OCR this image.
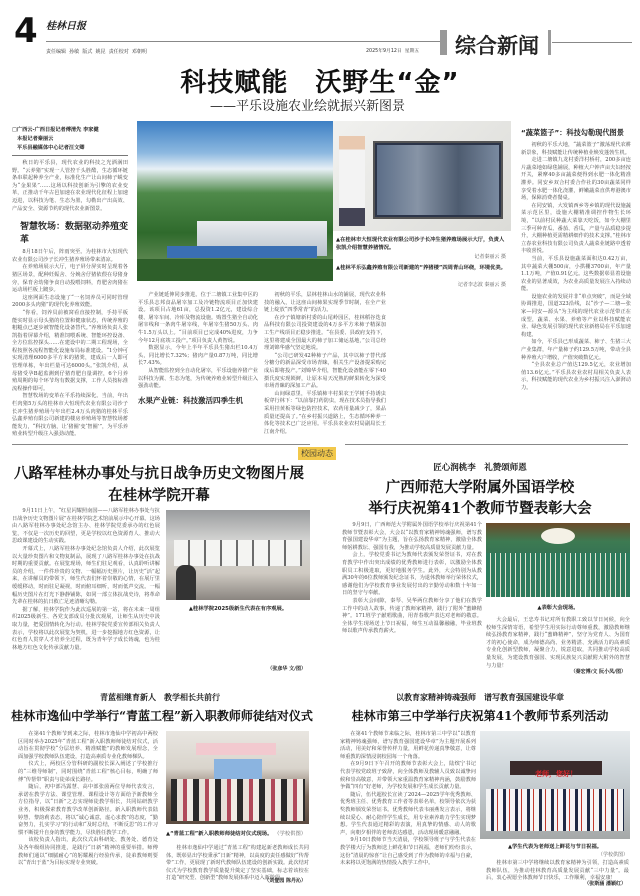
4 桂林日报
责任编辑  孙敏  版式  姚昆  责任校对  邓朝明	2025年9月12日  星期五 综合新闻
科技赋能　沃野生“金”
——平乐设施农业绘就振兴新图景
□广西云-广西日报记者傅清先 李家健
本报记者秦丽云
平乐县融媒体中心记者汪文卿

秋日的平乐县，现代农业的科技之光洒满田野。“云养猪”实现一人管控千头胜酷，生态循环链条串联起种养全产业，标准化生产让山间柿子蜕变为“金果果”……这场以科技创新为引擎的农业变革，正推动千年古邑加速在农业现代化征程上加速迈进，以科技为笔、生态为墨，勾勒出产出高效、产品安全、资源节约的现代农业新图景。

智慧牧场：数据驱动养殖变革

8月18日午后，阵雨突至。为桂林市大恒现代农业有限公司沙子长冲生猪养殖场带来清凉。

在养殖场展示大厅，电子屏分屏实时呈现着各猪区场景，配种妊娠舍、分娩舍仔猪依偎在母猪身旁，保育舍幼猪争食自动投喂饲料，育肥舍肉猪在运动场栏板上踱步。

这座网面生态设施了“一名饲养员可同时管理2000多头肉猪”的现代化养殖效能。

“你看，饲养员前被窝看直接控制，手持平板能实时显示母头猪的位置和健康状态，传统养殖的粗糙点已逐步被智能化设备替代。”养殖场负责人张凯指着屏幕介绍，精准饲喂系统、智能环控设备、全方位监控探头……在建设中的二期工程现场，全程按照各流程智能化设施布局标准建设。“1分钟可实现清理6000多平方米的猪粪，建成后一人即可管理单栋，年出栏量可达6000头。”张凯介绍，从母猪受孕B超监测到仔猪育肥自量调控，6个月养殖周期的每个环节均有数据支撑，工作人员按标准流程操作即可。

智慧牧场的变革在平乐持续深化。当前，年出栏肉猪5万头的桂林市大恒现代农业有限公司沙子长冲生猪养殖场与年出栏2.4万头肉猪的桂林平乐弘鑫养殖有限公司新建的楼房养殖场等智慧牧场蓄能发力，“科技方脑，让‘猪圈’变‘智圈’”，为平乐养殖业转型升级注入强劲动能。

▲在桂林市大恒现代农业有限公司沙子长冲生猪养殖场展示大厅，负责人张凯介绍智慧养猪情况。
记者秦丽云 摄
▲桂林平乐弘鑫养殖有限公司新建的“养猪楼”四周青山环绕，环境优美。
记者李志波 秦丽云 摄

产业链延伸同步推进。位于二塘镇工业集中区的平乐县志邦食品屠宰加工及冷链物流项目正加快建设。该项目占地61亩，总投资1.2亿元，建设综合楼、屠宰车间、冷库及物流设施。购置生猪全自动化屠宰线和一条肉牛屠宰线，年屠宰生猪50万头、肉牛1.5万头以上。“目前项目已完成40%进度，力争今年12月底竣工投产。”项目负责人黄智说。

数据显示，今年上半年平乐县生猪出栏10.4万头，同比增长7.32%；猪肉产量0.87万吨，同比增长7.43%。

从智能监控到全自动化屠宰，平乐设施养猪产业以科技为翼、生态为笔，为传统养殖业转型升级注入强劲动能。

水果产业链：科技激活四季生机

初秋的平乐，层林桂林山水的铺展，现代农业科技的融入，让这座山间柿果实现季节时制，在全产业链上绽放“四季常青”的活力。

在沙子镇塘新村委的山尾岭园区，桂林稻谷迭食品科技有限公司投资建设的4万多平方米柿子精深加工生产线项目正稳步推进。“在县委、县政府支持下，这里将建成全国最大的柿子加工储运基地，”公司总经理刘锦华感气坚定地说。

“公司已研发42种柿子产品，其中以柿子替代部分糖分的新品深受市场青睐，相关生产设备提采购完成后即将投产。”刘锦华介绍，智能化设备能在零下40摄氏度实现锁鲜，让原本易天况熟的鲜果转化为深受市场青睐的深加工产品。

山间绿意里，平乐镇柿丰村果农王学树手持诱虫板穿行林下：“以前靠打药防虫，现在技术员指导我们采用挂黄板等绿色防控技术，农药用量减少了，果品质量还提高了。”在乡村振兴道路上，生态循环种养一体化等技术已广泛应用。平乐县农业农村局副局长王江南介绍。

“蔬菜篮子”：科技勾勒现代图景

初秋的平乐大地，“蔬菜篮子”激荡现代农耕新景象，科技赋能让传统种植业焕发蓬勃生机。

走进二塘镇九龙村委洋村桥村，200多亩连片蔬菜地如绿毯铺展，种植大户钟声亩夫妇轻按开关，紧摩40多亩蔬菜便得到水肥一体化精准灌养。同安乡双合村委合作社的30亩蔬菜同样享受着水肥一体化浇灌，鲜嫩蔬菜直供粤港澳市场，保障消费者餐桌。

在同安镇，大发镇西乡等乡镇的现代设施蔬菜示范区里，设施大棚精准调控作物生长环境，“以前村民种蔬大菜靠天吃饭，如今大棚里三季可种青瓜、番茄、香瓜，产量与品质稳步提升，大棚种植更需精耕细作的技术支撑。”桂林市立春农业科技有限公司负责人蔬菜业链路中透着丰收喜悦。

当前，平乐县设施蔬菜面积达0.42万亩，其中蔬菜大棚500亩，小拱棚3700亩，年产量1.1万吨，产值0.91亿元。这些数据彰显着设施农业的显著成效，为农业高质量发展注入持续动能。

设施农业的发展并非“单点突破”，而是全域协调推进，国道323沿线，以“沙子—二塘—张家—同安—源头”为主线的现代农业示范带正在成型，蔬菜、水果、养殖等产业以科技赋能农业、绿色发展引领的现代农业新格局在平乐加速构建。

如今，平乐县已形成蔬菜、柿子、生猪三大产业集群，年产量柿子约129.5万吨，带动全县种养殖大户增收，产值突破数亿元。

“全县农业总产值达129.5亿元，农业增加值13.6亿元。”平乐县农业农村局相关负责人表示，科技赋能的现代农业为乡村振兴注入澎湃动力。

校园动态
八路军桂林办事处与抗日战争历史文物图片展
在桂林学院开幕

9月11日上午，“红星闪耀照南国——八路军桂林办事处与抗日战争历史文物图片展”在桂林学院艺术馆前展示中心开幕。这场由八路军桂林办事处纪念馆主办、桂林学院党委承办的红色展览，不仅是一次历史的回望，更是学校以红色资源育人、推动大思政课建设的生动实践。

开幕式上，八路军桂林办事处纪念馆负责人介绍，此次展览以大量珍贵图片和文物复制品，展现了八路军桂林办事处在抗战时期的重要贡献。在展览现场，师生们驻足观看，认真聆听讲解员的介绍，一件件珍贵的文物、一幅幅历史照片，让历史“活”起来，在讲解员的带领下，师生代表们怀着崇敬的心情，在展厅里缓缓移动，时而驻足凝视，时而俯耳细听，时而低声交流。一幅幅历史图片在灯光下静静铺陈，如同一部立体抗战史诗，将革命先辈在桂林的抗日救亡足迹清晰勾勒。

据了解，桂林学院作为此次巡展的第一站，将在未来一周组织2025级新生、各党支部成员分批次观展，让师生从历史中汲取力量，把爱国情转化为行动。桂林学院党委宣传部相关负责人表示，学校将以此次展览为契机，进一步挖掘地方红色资源，让红色育人贯穿人才培养全过程，既为青年学子成长铸魂，也为桂林地方红色文化传承贡献力量。

▲桂林学院2025级新生代表在有序观展。
（张彦华 文/图）
匠心润桃李　礼赞颂师恩
广西师范大学附属外国语学校
举行庆祝第41个教师节暨表彰大会

9月9日，广西师范大学附属外国语学校举行庆祝第41个教师节暨表彰大会，大会以“以教育家精神铸魂强师，谱写教育强国建设华章”为主题，旨在弘扬教育家精神，激励全体教师躬耕教坛、强国有我，为推动学校高质量发展贡献力量。

会上，学校党委书记为教师代表颁发荣誉证书，对在教育教学中作出突出成绩的优秀教师进行表彰，以激励全体教职员工积极进取，更好地服务学生。此外，大会特别为从教满30年的6位教师颁发纪念证书，为退休教师举行荣休仪式，感谢他们为学校教育事业发展付出的辛勤劳动和数十年如一日的坚守与奉献。

表彰大会间隙，秦琴、吴华两位教师分享了他们在教学工作中的动人故事，传递了教师家精神，践行了附外“蜜蜂精神”。171班学子献唱歌曲，用青春歌声表达对老师的敬意。全体学生现场送上节日祝福，师生互动温馨融融，毕业班教师以歌声传承教育薪火。

▲表彰大会现场。

大会最后，王忠寿书记对所有教职工致以节日问候，向全校师生深情寄语，希望学生用实际行动尊师重教，激励教师继续弘扬教育家精神，践行“蜜蜂精神”，坚守为党育人、为国育才的初心使命，成为师德高尚、业务精湛、充满活力的高素质专业化创新型教师，凝聚合力，锐意进取，共同推动学校高质量发展，为建设教育强国、实现民族复兴贡献附大附外的智慧与力量！

（秦宏博/文 阮小凤/图）
青蓝相继育新人　教学相长共前行
桂林市逸仙中学举行“青蓝工程”新入职教师师徒结对仪式

在第41个教师节到来之际，桂林市逸仙中学初高中两校区同时举办2025年“青蓝工程”新入职教师师徒结对仪式，活动旨在贯彻学校“分层培养、精准赋能”的教师发展理念，全面加强学校教师队伍建设，打造高素质专业化教师梯队。

仪式上，两校区分管科研的副校长深入阐述了学校推行的“三维导师制”，同时围绕“青蓝工程”核心目标，明确了师傅“传帮带”职责与徒弟成长路径。

随后，初中部冯露慧、高中部张茵两位导师代表发言，承诺在教学方法、课堂管理、课程设计等方面给予新教师全方位指导，以“日新”之志实现师徒教学相长，共同钻研教学业务，积极探索教育教学改革创新路径。新入职教师代表陆婷慧、黎韵莉表态，将以“诚心诚意，虚心求教”的态度，“勤奋努力，扎实学习”的行动和“及时总结，不断反思”的工作习惯不断提升自身的教学能力，尽快胜任教学工作。

该校负责人指出，此次仪式由科研处、教务处、德育处及各年级组协同推进，是践行“日新”精神的重要举措。师傅教师们通以“细腻耐心”的躬耀履行经验传承，徒弟教师则要以“青出于蓝”为目标实现专业突破。

▲“青蓝工程”新入职教师师徒结对仪式现场。 （学校供图）

桂林市逸仙中学通过“青蓝工程”构建起新老教师成长共同体，既彰显出学校秉承“日新”精神，以高度的责任感做好“传帮带”工作，更展现了新时代教师队伍建设的创新实践。此次结对仪式为学校教育教学质量提升奠定了坚实基础，标志着该校在打造“研究型、创新型”教师发展体系中迈入新阶段。

（刘壹园 陈丹沁）
以教育家精神铸魂强师　谱写教育强国建设华章
桂林市第三中学举行庆祝第41个教师节系列活动

在第41个教师节来临之际，桂林市第三中学以“以教育家精神铸魂强师，谱写教育强国建设华章”为主题开展系列活动，用美好和荣誉传样力量，用鲜花传递真挚敬意，让尊师重教的深情浸润校园每一个角落。

在9月9日下午召开的教师节表彰大会上，陆缤宁书记代表学校党政班子致辞，向全体教师及教辅人员致以诚挚问候和崇高敬意，并带领大家重温教育家精神内涵，鼓励教师争做“四有”好老师，为学校发展和学生成长贡献力量。

随后，伍代超校长宣读了2024—2025学年优秀教师、优秀班主任、优秀教育工作者等表彰名单，校领导依次为获奖教师颁发荣誉证书。优秀教师代表韦丽燕发言表示，将继续以爱心、耐心陪伴学生成长，用专业素养助力学生实现梦想。学生代表通过精彩的表演，用真挚的情感、动人的歌声，向朝夕相伴的老师表达感恩，活动现场暖意融融。

9月10日教师节当天清晨，学校领导班子与学生代表在教学楼大厅为教师送上鲜花和节日祝福，老师们纷纷表示，这份“清晨的惊喜”让自己感受到了作为教师的幸福与自豪，未来将以更饱满的热情投入教学工作中。

老师，您好！
▲学生代表为老师送上鲜花与节日祝福。
（学校供图）

桂林市第三中学将继续以教育家精神为引领，打造高素质教师队伍，为推动桂林教育高质量发展贡献“三中力量”。最后，衷心祝愿全体教师节日快乐，工作顺利，幸福安康！

（张斯涵 潘颖红）
